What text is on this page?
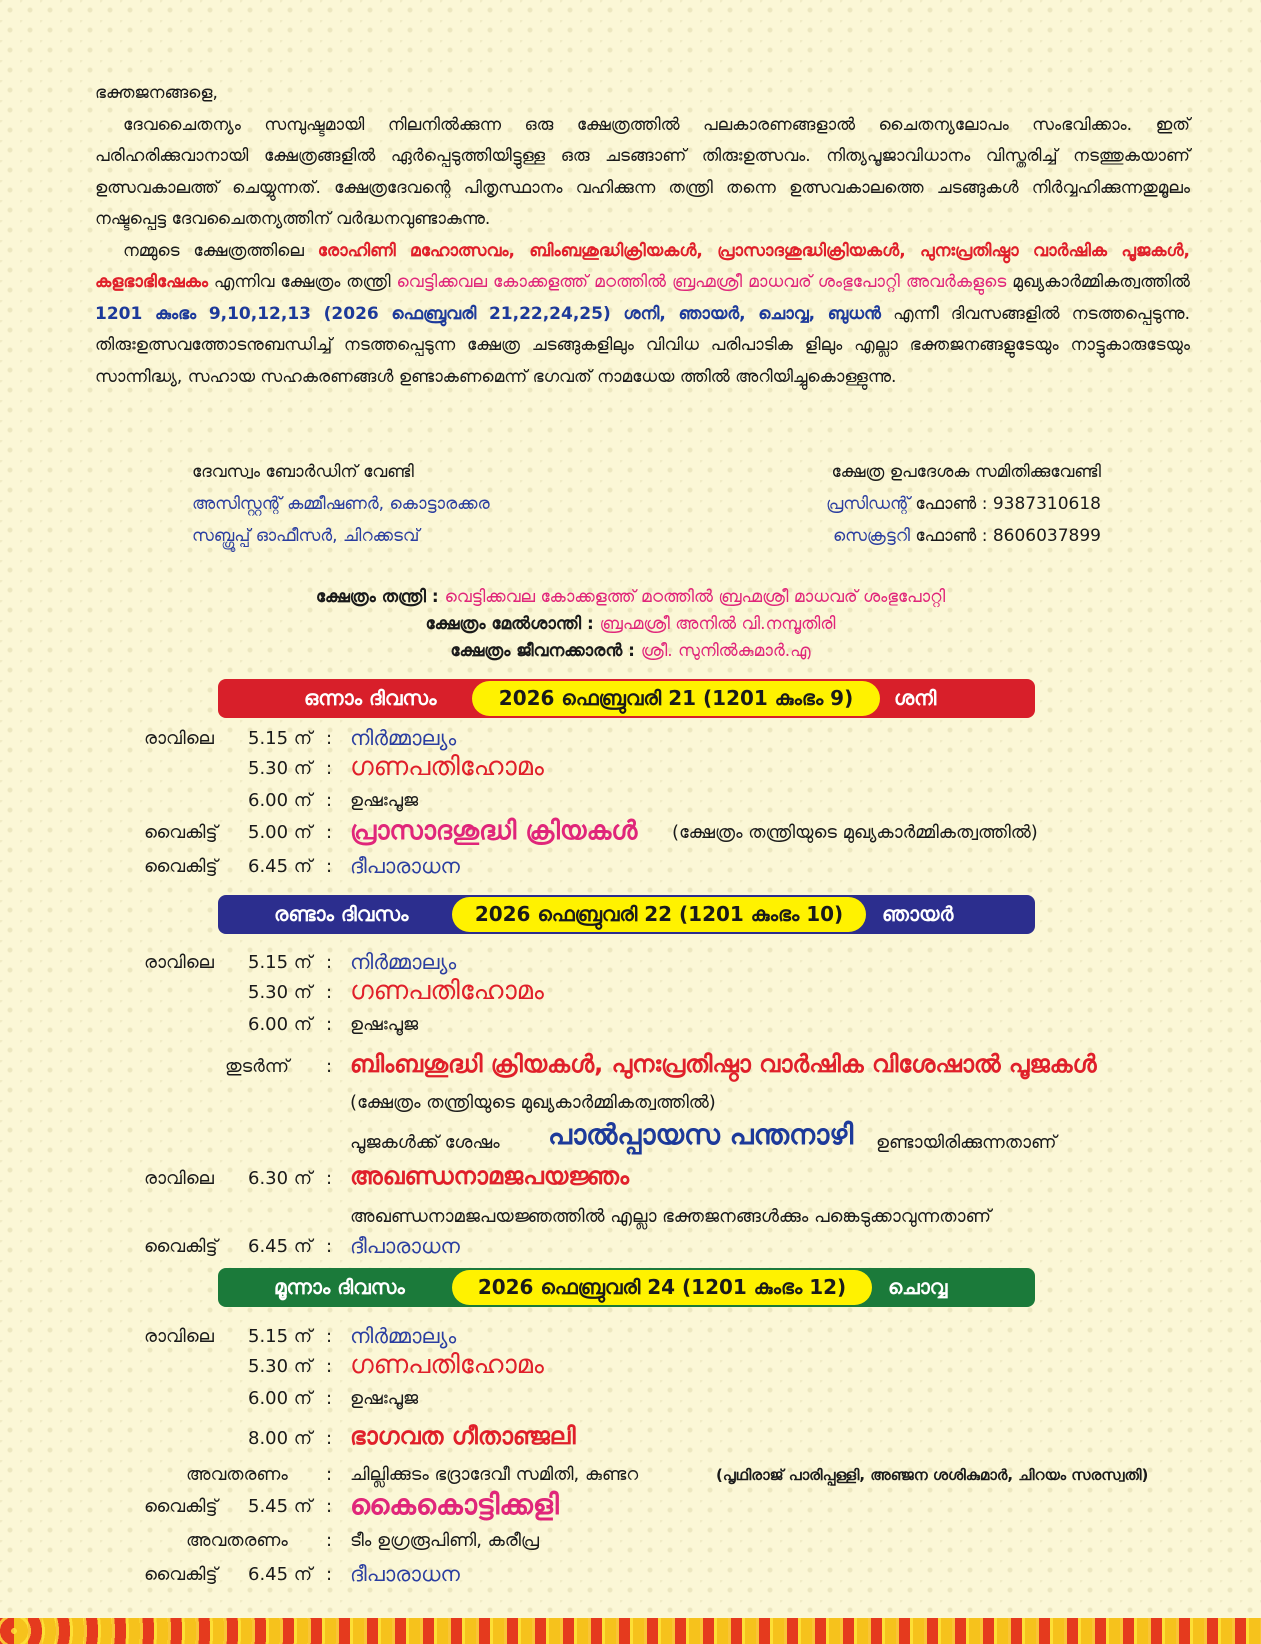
ഭക്തജനങ്ങളെ,

ദേവചൈതന്യം സമ്പുഷ്ടമായി നിലനിൽക്കുന്ന ഒരു ക്ഷേത്രത്തിൽ പലകാരണങ്ങളാൽ ചൈതന്യലോപം സംഭവിക്കാം. ഇത് പരിഹരിക്കുവാനായി ക്ഷേത്രങ്ങളിൽ ഏർപ്പെടുത്തിയിട്ടുള്ള ഒരു ചടങ്ങാണ് തിരുഃഉത്സവം. നിത്യപൂജാവിധാനം വിസ്തരിച്ച് നടത്തുകയാണ് ഉത്സവകാലത്ത് ചെയ്യുന്നത്. ക്ഷേത്രദേവന്റെ പിതൃസ്ഥാനം വഹിക്കുന്ന തന്ത്രി തന്നെ ഉത്സവകാലത്തെ ചടങ്ങുകൾ നിർവ്വഹിക്കുന്നതുമൂലം നഷ്ടപ്പെട്ട ദേവചൈതന്യത്തിന് വർദ്ധനവുണ്ടാകുന്നു.

നമ്മുടെ ക്ഷേത്രത്തിലെ രോഹിണി മഹോത്സവം, ബിംബശുദ്ധിക്രിയകൾ, പ്രാസാദശുദ്ധിക്രിയകൾ, പുനഃപ്രതിഷ്ഠാ വാർഷിക പൂജകൾ, കളഭാഭിഷേകം എന്നിവ ക്ഷേത്രം തന്ത്രി വെട്ടിക്കവല കോക്കളത്ത് മഠത്തിൽ ബ്രഹ്മശ്രീ മാധവര് ശംഭുപോറ്റി അവർകളുടെ മുഖ്യകാർമ്മികത്വത്തിൽ 1201 കുംഭം 9,10,12,13 (2026 ഫെബ്രുവരി 21,22,24,25) ശനി, ഞായർ, ചൊവ്വ, ബുധൻ എന്നീ ദിവസങ്ങളിൽ നടത്തപ്പെടുന്നു. തിരുഃഉത്സവത്തോടനുബന്ധിച്ച് നടത്തപ്പെടുന്ന ക്ഷേത്ര ചടങ്ങുകളിലും വിവിധ പരിപാടിക ളിലും എല്ലാ ഭക്തജനങ്ങളുടേയും നാട്ടുകാരുടേയും സാന്നിദ്ധ്യ, സഹായ സഹകരണങ്ങൾ ഉണ്ടാകണമെന്ന് ഭഗവത് നാമധേയ ത്തിൽ അറിയിച്ചുകൊള്ളുന്നു.

ദേവസ്വം ബോർഡിന് വേണ്ടി
അസിസ്റ്റന്റ് കമ്മീഷണർ, കൊട്ടാരക്കര
സബ്ഗ്രൂപ്പ് ഓഫീസർ, ചിറക്കടവ്
ക്ഷേത്ര ഉപദേശക സമിതിക്കുവേണ്ടി
പ്രസിഡന്റ് ഫോൺ : 9387310618
സെക്രട്ടറി ഫോൺ : 8606037899
ക്ഷേത്രം തന്ത്രി : വെട്ടിക്കവല കോക്കളത്ത് മഠത്തിൽ ബ്രഹ്മശ്രീ മാധവര് ശംഭുപോറ്റി
ക്ഷേത്രം മേൽശാന്തി : ബ്രഹ്മശ്രീ അനിൽ വി.നമ്പൂതിരി
ക്ഷേത്രം ജീവനക്കാരൻ : ശ്രീ. സുനിൽകുമാർ.എ
ഒന്നാം ദിവസം	2026 ഫെബ്രുവരി 21 (1201 കുംഭം 9)	ശനി
രാവിലെ 5.15 ന് : നിർമ്മാല്യം
5.30 ന് : ഗണപതിഹോമം
6.00 ന് : ഉഷഃപൂജ
വൈകിട്ട് 5.00 ന് : പ്രാസാദശുദ്ധി ക്രിയകൾ (ക്ഷേത്രം തന്ത്രിയുടെ മുഖ്യകാർമ്മികത്വത്തിൽ)
വൈകിട്ട് 6.45 ന് : ദീപാരാധന
രണ്ടാം ദിവസം	2026 ഫെബ്രുവരി 22 (1201 കുംഭം 10)	ഞായർ
രാവിലെ 5.15 ന് : നിർമ്മാല്യം
5.30 ന് : ഗണപതിഹോമം
6.00 ന് : ഉഷഃപൂജ
തുടർന്ന് : ബിംബശുദ്ധി ക്രിയകൾ, പുനഃപ്രതിഷ്ഠാ വാർഷിക വിശേഷാൽ പൂജകൾ
(ക്ഷേത്രം തന്ത്രിയുടെ മുഖ്യകാർമ്മികത്വത്തിൽ)
പൂജകൾക്ക് ശേഷം പാൽപ്പായസ പന്തനാഴി ഉണ്ടായിരിക്കുന്നതാണ്
രാവിലെ 6.30 ന് : അഖണ്ഡനാമജപയജ്ഞം
അഖണ്ഡനാമജപയജ്ഞത്തിൽ എല്ലാ ഭക്തജനങ്ങൾക്കും പങ്കെടുക്കാവുന്നതാണ്
വൈകിട്ട് 6.45 ന് : ദീപാരാധന
മൂന്നാം ദിവസം	2026 ഫെബ്രുവരി 24 (1201 കുംഭം 12)	ചൊവ്വ
രാവിലെ 5.15 ന് : നിർമ്മാല്യം
5.30 ന് : ഗണപതിഹോമം
6.00 ന് : ഉഷഃപൂജ
8.00 ന് : ഭാഗവത ഗീതാഞ്ജലി
അവതരണം : ചില്ലിക്കുടം ഭദ്രാദേവീ സമിതി, കുണ്ടറ	(പൃഥിരാജ് പാരിപ്പള്ളി, അഞ്ജന ശശികുമാർ, ചിറയം സരസ്വതി)
വൈകിട്ട് 5.45 ന് : കൈകൊട്ടിക്കളി
അവതരണം : ടീം ഉഗ്രരൂപിണി, കരീപ്ര
വൈകിട്ട് 6.45 ന് : ദീപാരാധന
